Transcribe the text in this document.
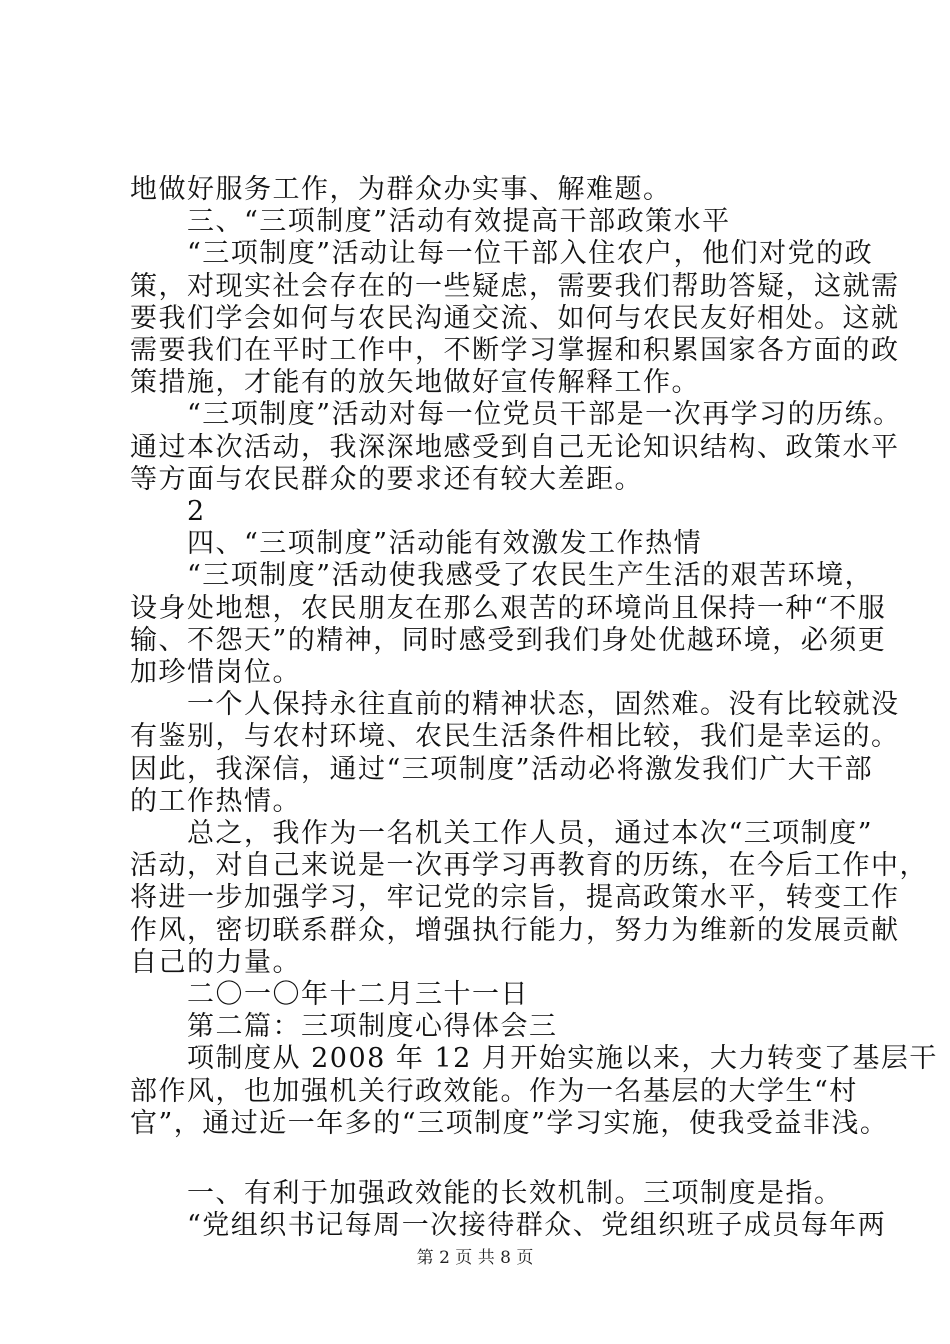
地做好服务工作，为群众办实事、解难题。
　　三、“三项制度”活动有效提高干部政策水平
　　“三项制度”活动让每一位干部入住农户，他们对党的政
策，对现实社会存在的一些疑虑，需要我们帮助答疑，这就需
要我们学会如何与农民沟通交流、如何与农民友好相处。这就
需要我们在平时工作中，不断学习掌握和积累国家各方面的政
策措施，才能有的放矢地做好宣传解释工作。
　　“三项制度”活动对每一位党员干部是一次再学习的历练。
通过本次活动，我深深地感受到自己无论知识结构、政策水平
等方面与农民群众的要求还有较大差距。
　　2
　　四、“三项制度”活动能有效激发工作热情
　　“三项制度”活动使我感受了农民生产生活的艰苦环境，
设身处地想，农民朋友在那么艰苦的环境尚且保持一种“不服
输、不怨天”的精神，同时感受到我们身处优越环境，必须更
加珍惜岗位。
　　一个人保持永往直前的精神状态，固然难。没有比较就没
有鉴别，与农村环境、农民生活条件相比较，我们是幸运的。
因此，我深信，通过“三项制度”活动必将激发我们广大干部
的工作热情。
　　总之，我作为一名机关工作人员，通过本次“三项制度”
活动，对自己来说是一次再学习再教育的历练，在今后工作中，
将进一步加强学习，牢记党的宗旨，提高政策水平，转变工作
作风，密切联系群众，增强执行能力，努力为维新的发展贡献
自己的力量。
　　二〇一〇年十二月三十一日
　　第二篇：三项制度心得体会三
　　项制度从 2008 年 12 月开始实施以来，大力转变了基层干
部作风，也加强机关行政效能。作为一名基层的大学生“村
官”，通过近一年多的“三项制度”学习实施，使我受益非浅。
　　一、有利于加强政效能的长效机制。三项制度是指。
　　“党组织书记每周一次接待群众、党组织班子成员每年两
第 2 页 共 8 页
